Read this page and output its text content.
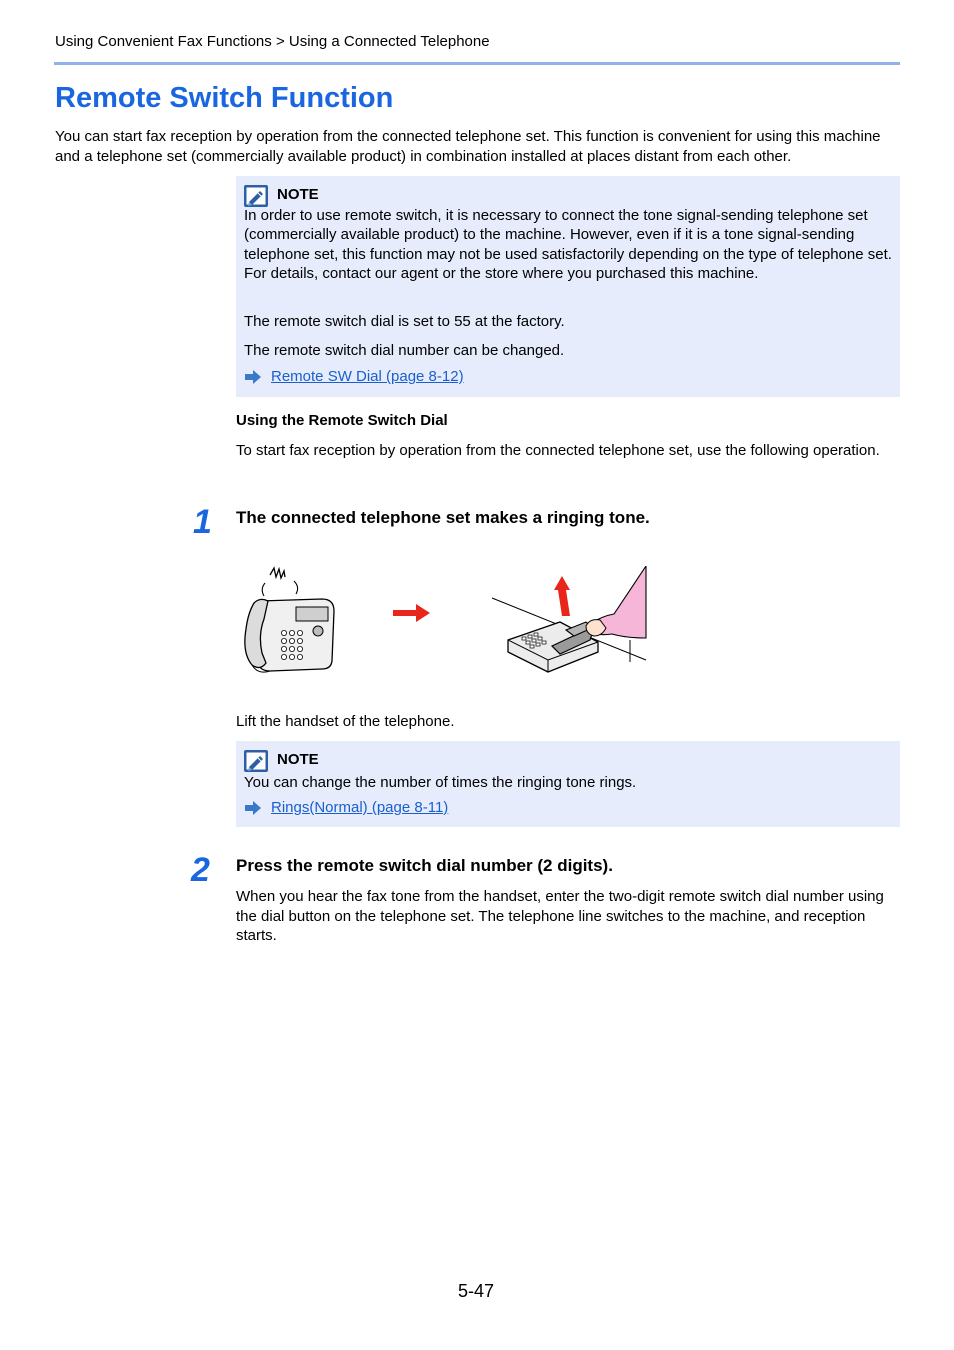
Using Convenient Fax Functions > Using a Connected Telephone
Remote Switch Function
You can start fax reception by operation from the connected telephone set. This function is convenient for using this machine and a telephone set (commercially available product) in combination installed at places distant from each other.
NOTE
In order to use remote switch, it is necessary to connect the tone signal-sending telephone set (commercially available product) to the machine. However, even if it is a tone signal-sending telephone set, this function may not be used satisfactorily depending on the type of telephone set. For details, contact our agent or the store where you purchased this machine.
The remote switch dial is set to 55 at the factory.
The remote switch dial number can be changed.
Remote SW Dial (page 8-12)
Using the Remote Switch Dial
To start fax reception by operation from the connected telephone set, use the following operation.
1 The connected telephone set makes a ringing tone.
Lift the handset of the telephone.
NOTE
You can change the number of times the ringing tone rings.
Rings(Normal) (page 8-11)
2 Press the remote switch dial number (2 digits).
When you hear the fax tone from the handset, enter the two-digit remote switch dial number using the dial button on the telephone set. The telephone line switches to the machine, and reception starts.
5-47
